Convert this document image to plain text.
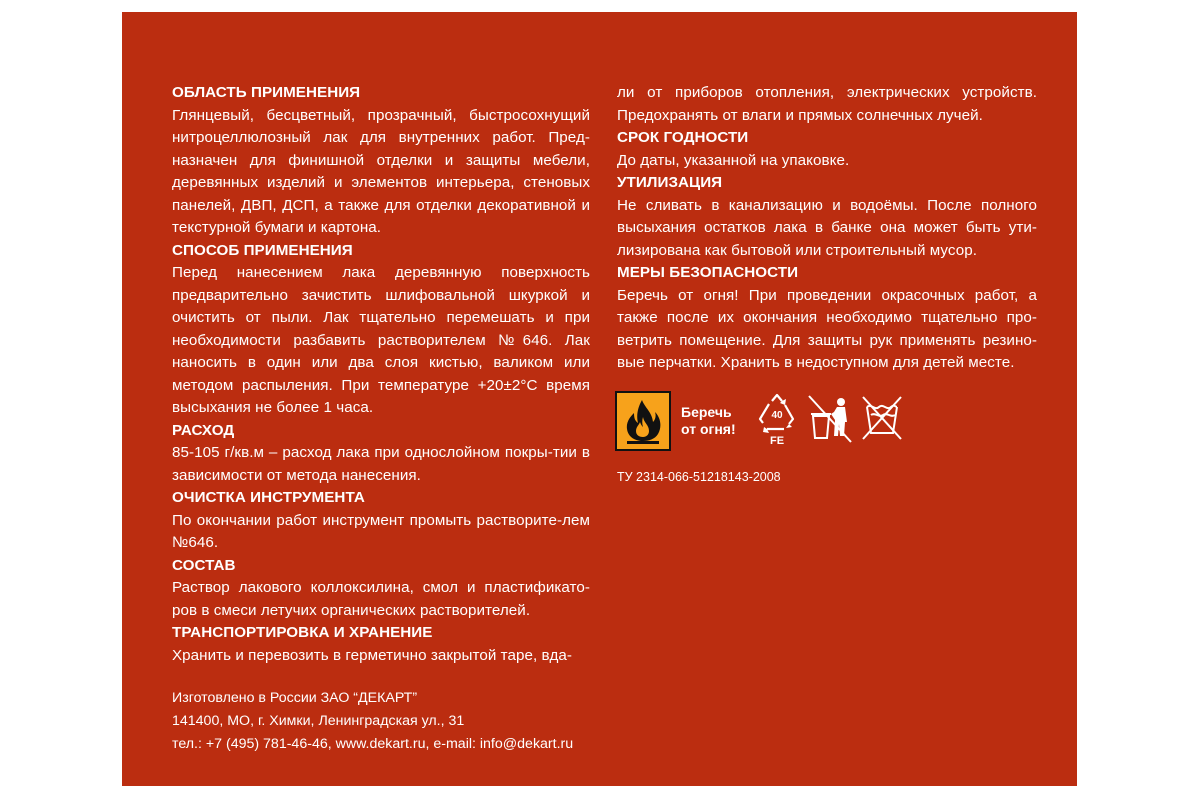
ОБЛАСТЬ ПРИМЕНЕНИЯ
Глянцевый, бесцветный, прозрачный, быстросохнущий нитроцеллюлозный лак для внутренних работ. Пред-назначен для финишной отделки и защиты мебели, деревянных изделий и элементов интерьера, стеновых панелей, ДВП, ДСП, а также для отделки декоративной и текстурной бумаги и картона.
СПОСОБ ПРИМЕНЕНИЯ
Перед нанесением лака деревянную поверхность предварительно зачистить шлифовальной шкуркой и очистить от пыли. Лак тщательно перемешать и при необходимости разбавить растворителем №646. Лак наносить в один или два слоя кистью, валиком или методом распыления. При температуре +20±2°С время высыхания не более 1 часа.
РАСХОД
85-105 г/кв.м – расход лака при однослойном покры-тии в зависимости от метода нанесения.
ОЧИСТКА ИНСТРУМЕНТА
По окончании работ инструмент промыть растворите-лем №646.
СОСТАВ
Раствор лакового коллоксилина, смол и пластификато-ров в смеси летучих органических растворителей.
ТРАНСПОРТИРОВКА И ХРАНЕНИЕ
Хранить и перевозить в герметично закрытой таре, вда-
ли от приборов отопления, электрических устройств. Предохранять от влаги и прямых солнечных лучей.
СРОК ГОДНОСТИ
До даты, указанной на упаковке.
УТИЛИЗАЦИЯ
Не сливать в канализацию и водоёмы. После полного высыхания остатков лака в банке она может быть ути-лизирована как бытовой или строительный мусор.
МЕРЫ БЕЗОПАСНОСТИ
Беречь от огня! При проведении окрасочных работ, а также после их окончания необходимо тщательно про-ветрить помещение. Для защиты рук применять резино-вые перчатки. Хранить в недоступном для детей месте.
Беречь от огня!
40
FE
ТУ 2314-066-51218143-2008
Изготовлено в России ЗАО “ДЕКАРТ”
141400, МО, г. Химки, Ленинградская ул., 31
тел.: +7 (495) 781-46-46, www.dekart.ru, e-mail: info@dekart.ru
